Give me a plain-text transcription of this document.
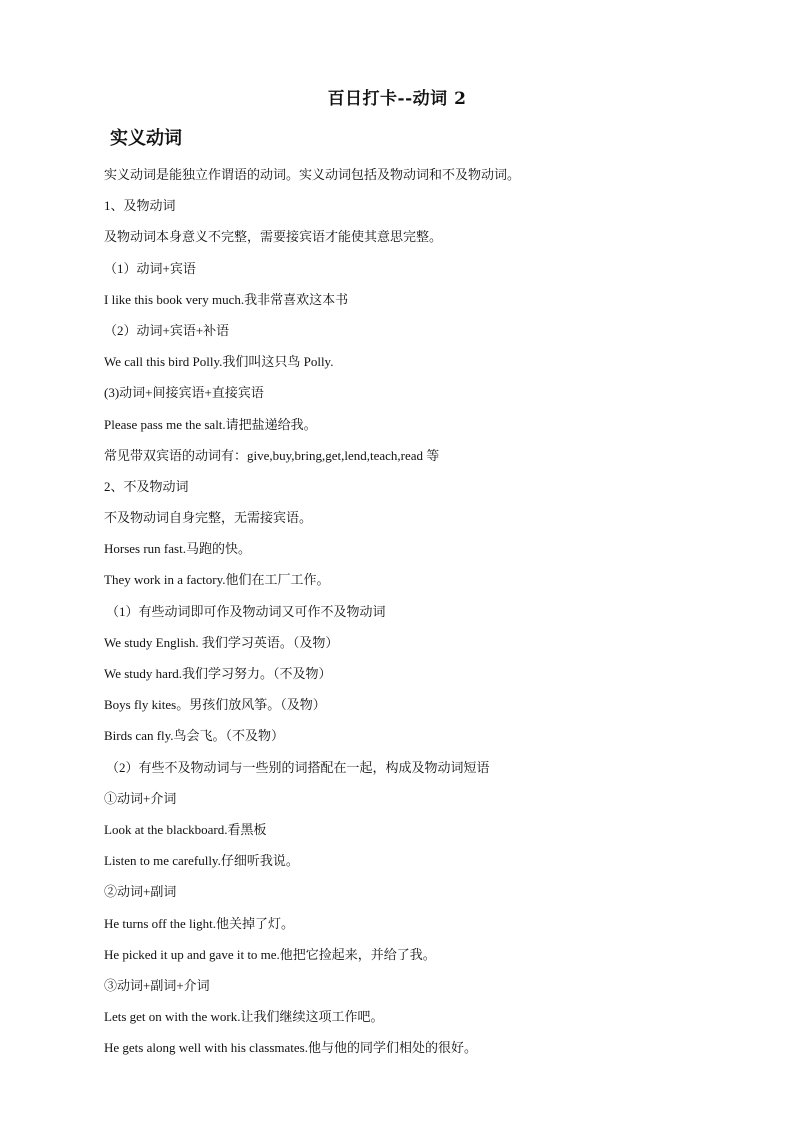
百日打卡--动词 2
实义动词
实义动词是能独立作谓语的动词。实义动词包括及物动词和不及物动词。
1、及物动词
及物动词本身意义不完整，需要接宾语才能使其意思完整。
（1）动词+宾语
I like this book very much.我非常喜欢这本书
（2）动词+宾语+补语
We call this bird Polly.我们叫这只鸟 Polly.
(3)动词+间接宾语+直接宾语
Please pass me the salt.请把盐递给我。
常见带双宾语的动词有：give,buy,bring,get,lend,teach,read 等
2、不及物动词
不及物动词自身完整，无需接宾语。
Horses run fast.马跑的快。
They work in a factory.他们在工厂工作。
（1）有些动词即可作及物动词又可作不及物动词
We study English. 我们学习英语。（及物）
We study hard.我们学习努力。（不及物）
Boys fly kites。男孩们放风筝。（及物）
Birds can fly.鸟会飞。（不及物）
（2）有些不及物动词与一些别的词搭配在一起，构成及物动词短语
①动词+介词
Look at the blackboard.看黑板
Listen to me carefully.仔细听我说。
②动词+副词
He turns off the light.他关掉了灯。
He picked it up and gave it to me.他把它捡起来，并给了我。
③动词+副词+介词
Lets get on with the work.让我们继续这项工作吧。
He gets along well with his classmates.他与他的同学们相处的很好。
